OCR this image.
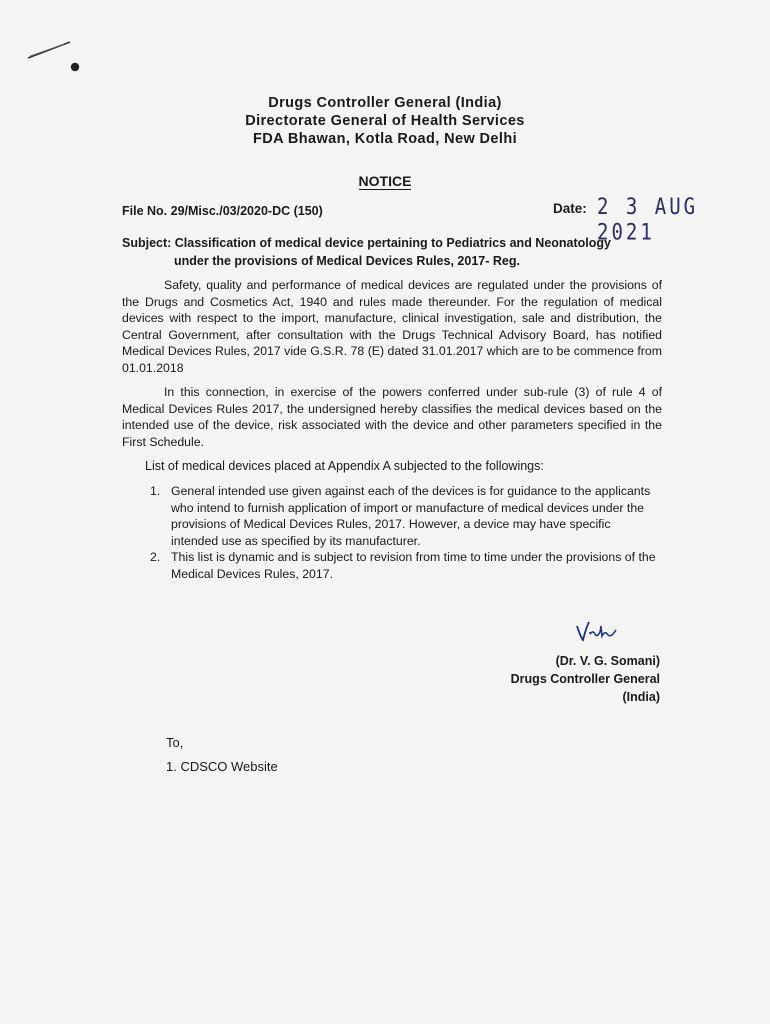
Drugs Controller General (India)
Directorate General of Health Services
FDA Bhawan, Kotla Road, New Delhi
NOTICE
File No. 29/Misc./03/2020-DC (150)	Date: 2 3 AUG 2021
Subject: Classification of medical device pertaining to Pediatrics and Neonatology
under the provisions of Medical Devices Rules, 2017- Reg.

Safety, quality and performance of medical devices are regulated under the provisions of the Drugs and Cosmetics Act, 1940 and rules made thereunder. For the regulation of medical devices with respect to the import, manufacture, clinical investigation, sale and distribution, the Central Government, after consultation with the Drugs Technical Advisory Board, has notified Medical Devices Rules, 2017 vide G.S.R. 78 (E) dated 31.01.2017 which are to be commence from 01.01.2018

In this connection, in exercise of the powers conferred under sub-rule (3) of rule 4 of Medical Devices Rules 2017, the undersigned hereby classifies the medical devices based on the intended use of the device, risk associated with the device and other parameters specified in the First Schedule.

List of medical devices placed at Appendix A subjected to the followings:
1. General intended use given against each of the devices is for guidance to the applicants who intend to furnish application of import or manufacture of medical devices under the provisions of Medical Devices Rules, 2017. However, a device may have specific intended use as specified by its manufacturer.
2. This list is dynamic and is subject to revision from time to time under the provisions of the Medical Devices Rules, 2017.
(Dr. V. G. Somani)
Drugs Controller General (India)
To,
1. CDSCO Website
